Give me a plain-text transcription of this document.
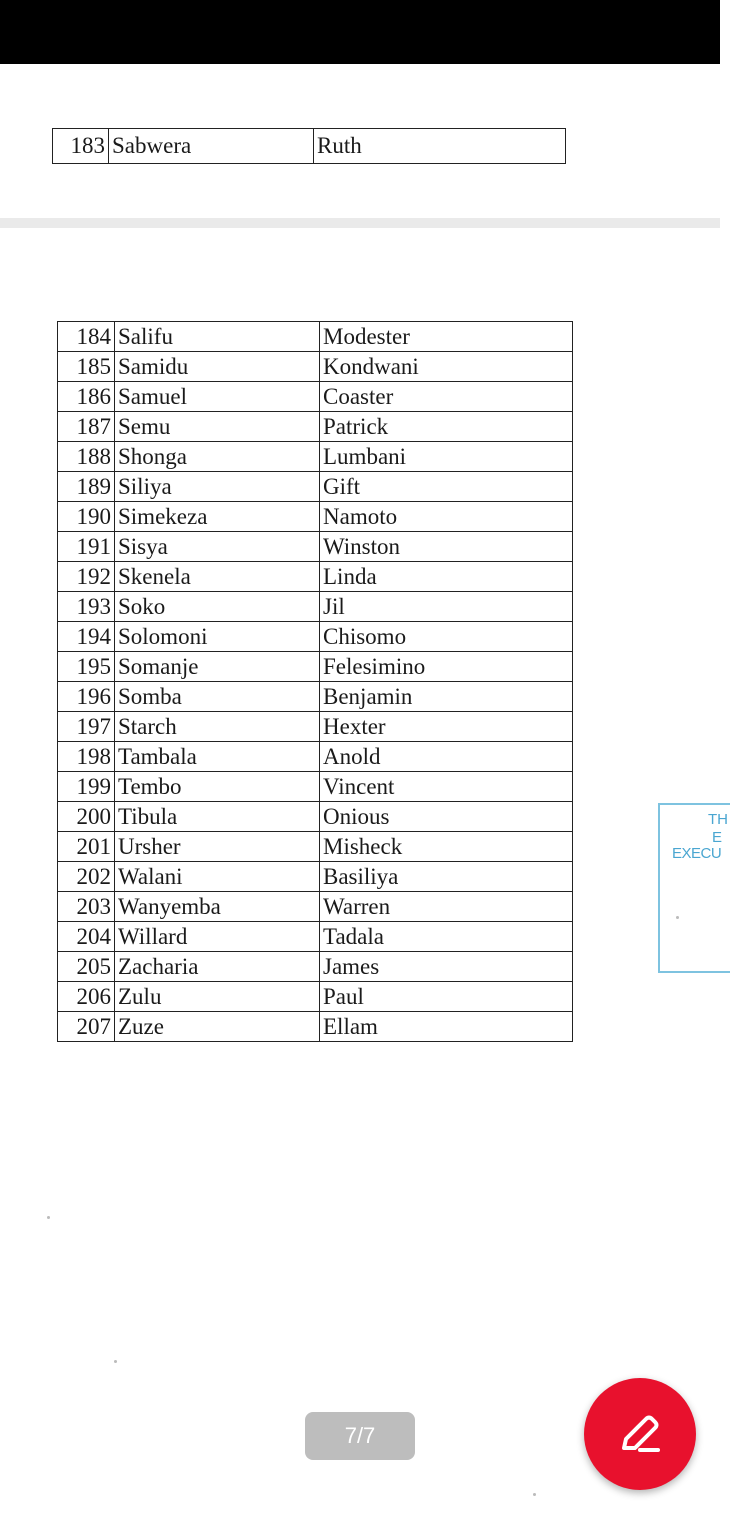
183	Sabwera	Ruth
184	Salifu	Modester
185	Samidu	Kondwani
186	Samuel	Coaster
187	Semu	Patrick
188	Shonga	Lumbani
189	Siliya	Gift
190	Simekeza	Namoto
191	Sisya	Winston
192	Skenela	Linda
193	Soko	Jil
194	Solomoni	Chisomo
195	Somanje	Felesimino
196	Somba	Benjamin
197	Starch	Hexter
198	Tambala	Anold
199	Tembo	Vincent
200	Tibula	Onious
201	Ursher	Misheck
202	Walani	Basiliya
203	Wanyemba	Warren
204	Willard	Tadala
205	Zacharia	James
206	Zulu	Paul
207	Zuze	Ellam
TH
E
EXECU
7/7
